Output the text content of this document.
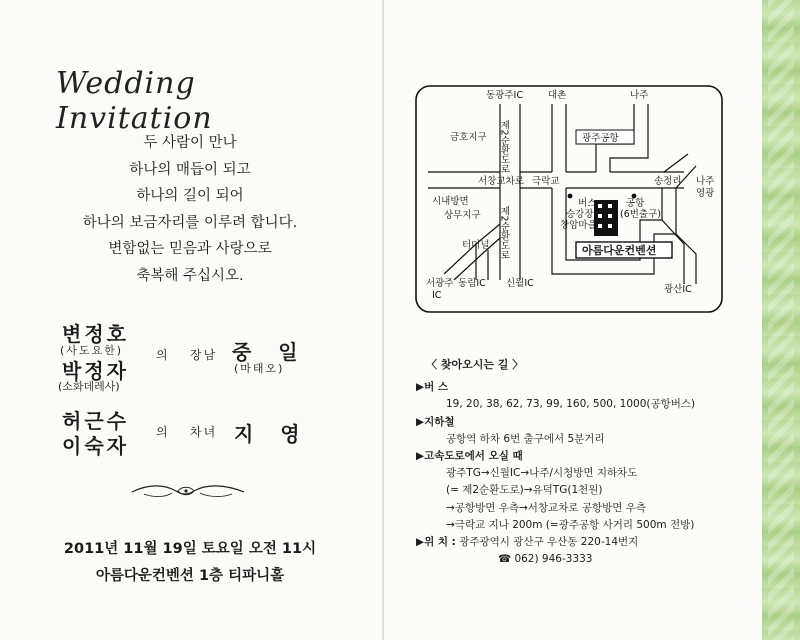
Wedding Invitation
두 사람이 만나
하나의 매듭이 되고
하나의 길이 되어
하나의 보금자리를 이루려 합니다.
변함없는 믿음과 사랑으로
축복해 주십시오.
변정호
(사도요한)
박정자
(소화데레사)
의 장남 중 일
(마태오)
허근수
이숙자
의 차녀 지 영
2011년 11월 19일 토요일 오전 11시
아름다운컨벤션 1층 티파니홀
동광주IC	대촌	나주
금호지구	광주공항
제2순환도로
서창교차로 극락교	송정리 나주
영광
시내방면	버스
승강장
창암마을
공항
(6번출구)
상무지구 제2순환도로
터미널	아름다운컨벤션
서광주
IC
동림IC 신월IC
광산IC
〈 찾아오시는 길 〉
▶버 스
19, 20, 38, 62, 73, 99, 160, 500, 1000(공항버스)
▶지하철
공항역 하차 6번 출구에서 5분거리
▶고속도로에서 오실 때
광주TG→신월IC→나주/시청방면 지하차도
(= 제2순환도로)→유덕TG(1천원)
→공항방면 우측→서창교차로 공항방면 우측
→극락교 지나 200m (=광주공항 사거리 500m 전방)
▶위 치 : 광주광역시 광산구 우산동 220-14번지
☎ 062) 946-3333
